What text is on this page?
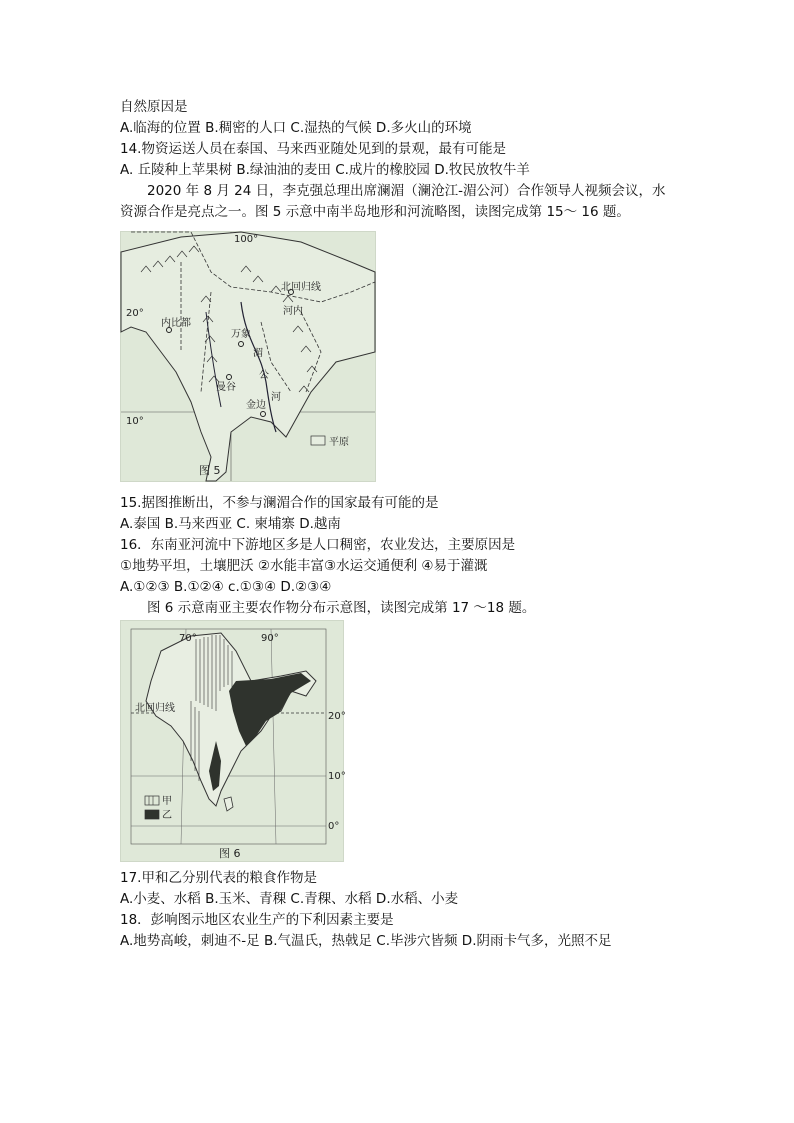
自然原因是
A.临海的位置 B.稠密的人口 C.湿热的气候 D.多火山的环境
14.物资运送人员在泰国、马来西亚随处见到的景观，最有可能是
A. 丘陵种上苹果树 B.绿油油的麦田 C.成片的橡胶园 D.牧民放牧牛羊
2020 年 8 月 24 日，李克强总理出席澜湄（澜沧江-湄公河）合作领导人视频会议，水
资源合作是亮点之一。图 5 示意中南半岛地形和河流略图，读图完成第 15～ 16 题。
100°
20°
10°
北回归线
河内
内比都
万象
曼谷
金边
湄
公
河
平原
图 5
15.据图推断出，不参与澜湄合作的国家最有可能的是
A.泰国 B.马来西亚 C. 柬埔寨 D.越南
16．东南亚河流中下游地区多是人口稠密，农业发达，主要原因是
①地势平坦，土壤肥沃 ②水能丰富③水运交通便利 ④易于灌溉
A.①②③ B.①②④ c.①③④ D.②③④
图 6 示意南亚主要农作物分布示意图，读图完成第 17 ～18 题。
70°	90°
北回归线
20°
10°
0°
甲
乙
图 6
17.甲和乙分别代表的粮食作物是
A.小麦、水稻 B.玉米、青稞 C.青稞、水稻 D.水稻、小麦
18．彭响图示地区农业生产的下利因素主要是
A.地势高峻，刺迪不-足 B.气温氏，热戟足 C.毕涉穴皆频 D.阴雨卡气多，光照不足
